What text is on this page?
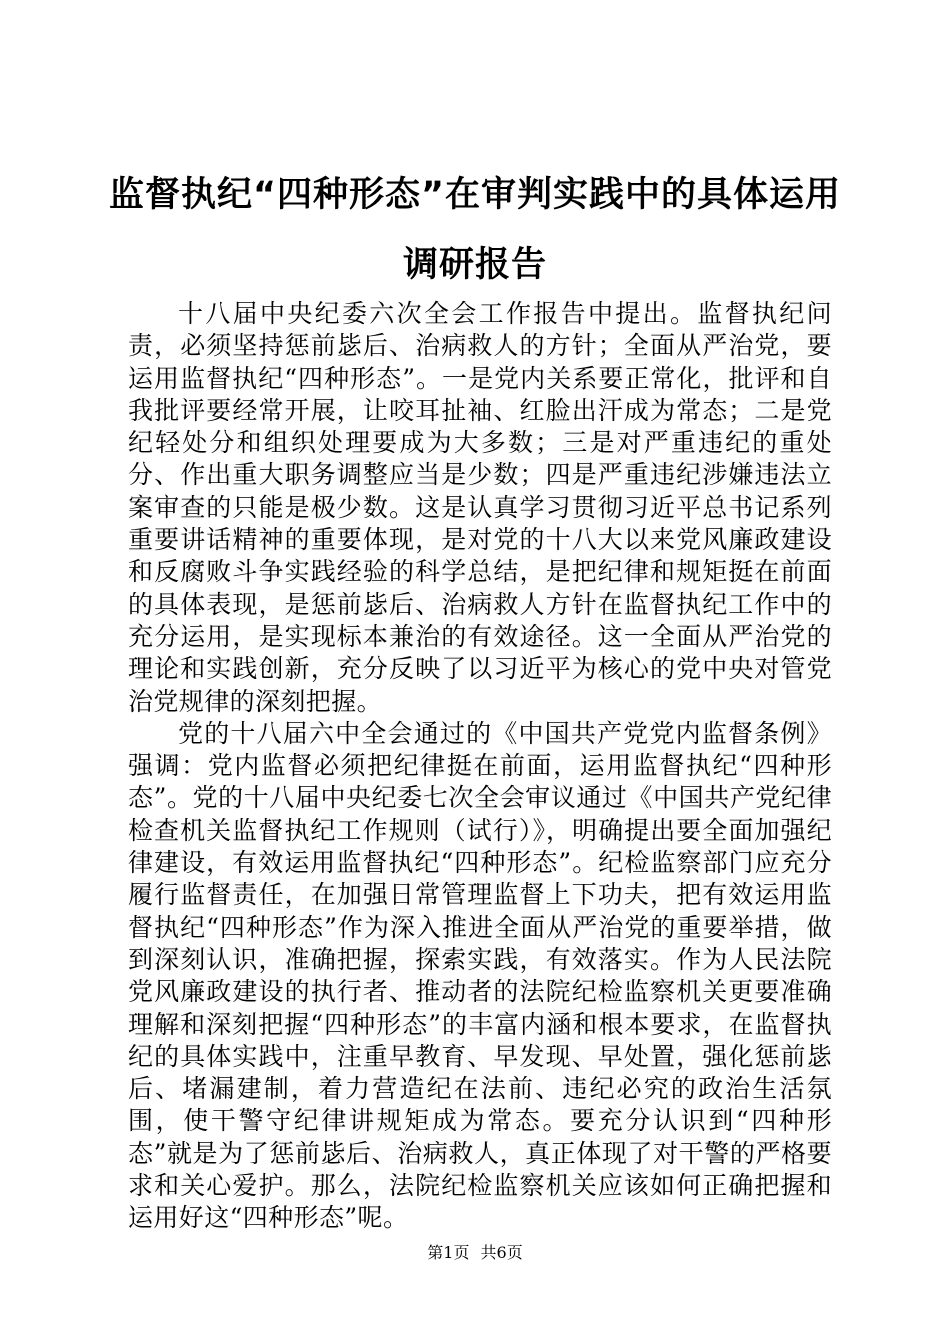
监督执纪“四种形态”在审判实践中的具体运用调研报告

十八届中央纪委六次全会工作报告中提出。监督执纪问责，必须坚持惩前毖后、治病救人的方针；全面从严治党，要运用监督执纪“四种形态”。一是党内关系要正常化，批评和自我批评要经常开展，让咬耳扯袖、红脸出汗成为常态；二是党纪轻处分和组织处理要成为大多数；三是对严重违纪的重处分、作出重大职务调整应当是少数；四是严重违纪涉嫌违法立案审查的只能是极少数。这是认真学习贯彻习近平总书记系列重要讲话精神的重要体现，是对党的十八大以来党风廉政建设和反腐败斗争实践经验的科学总结，是把纪律和规矩挺在前面的具体表现，是惩前毖后、治病救人方针在监督执纪工作中的充分运用，是实现标本兼治的有效途径。这一全面从严治党的理论和实践创新，充分反映了以习近平为核心的党中央对管党治党规律的深刻把握。

党的十八届六中全会通过的《中国共产党党内监督条例》强调：党内监督必须把纪律挺在前面，运用监督执纪“四种形态”。党的十八届中央纪委七次全会审议通过《中国共产党纪律检查机关监督执纪工作规则（试行）》，明确提出要全面加强纪律建设，有效运用监督执纪“四种形态”。纪检监察部门应充分履行监督责任，在加强日常管理监督上下功夫，把有效运用监督执纪“四种形态”作为深入推进全面从严治党的重要举措，做到深刻认识，准确把握，探索实践，有效落实。作为人民法院党风廉政建设的执行者、推动者的法院纪检监察机关更要准确理解和深刻把握“四种形态”的丰富内涵和根本要求，在监督执纪的具体实践中，注重早教育、早发现、早处置，强化惩前毖后、堵漏建制，着力营造纪在法前、违纪必究的政治生活氛围，使干警守纪律讲规矩成为常态。要充分认识到“四种形态”就是为了惩前毖后、治病救人，真正体现了对干警的严格要求和关心爱护。那么，法院纪检监察机关应该如何正确把握和运用好这“四种形态”呢。

第1页 共6页
